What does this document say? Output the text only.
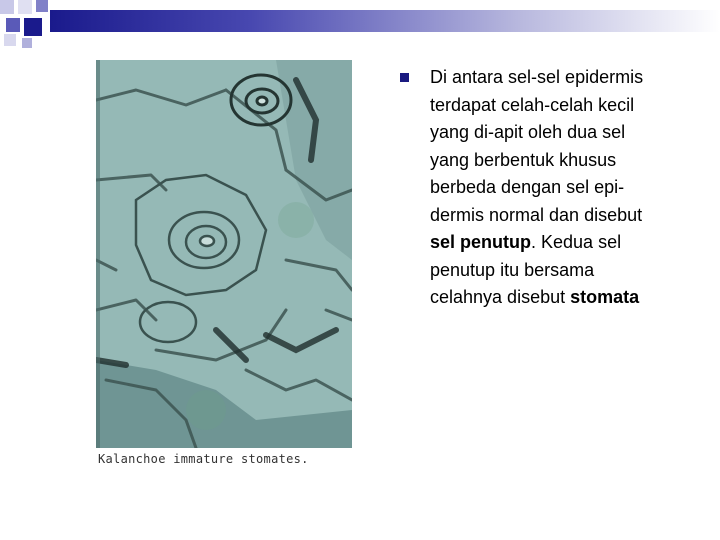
Kalanchoe immature stomates.
Di antara sel-sel epidermis terdapat celah-celah kecil yang di-apit oleh dua sel yang berbentuk khusus berbeda dengan sel epi-dermis normal dan disebut sel penutup. Kedua sel penutup itu bersama celahnya disebut stomata
